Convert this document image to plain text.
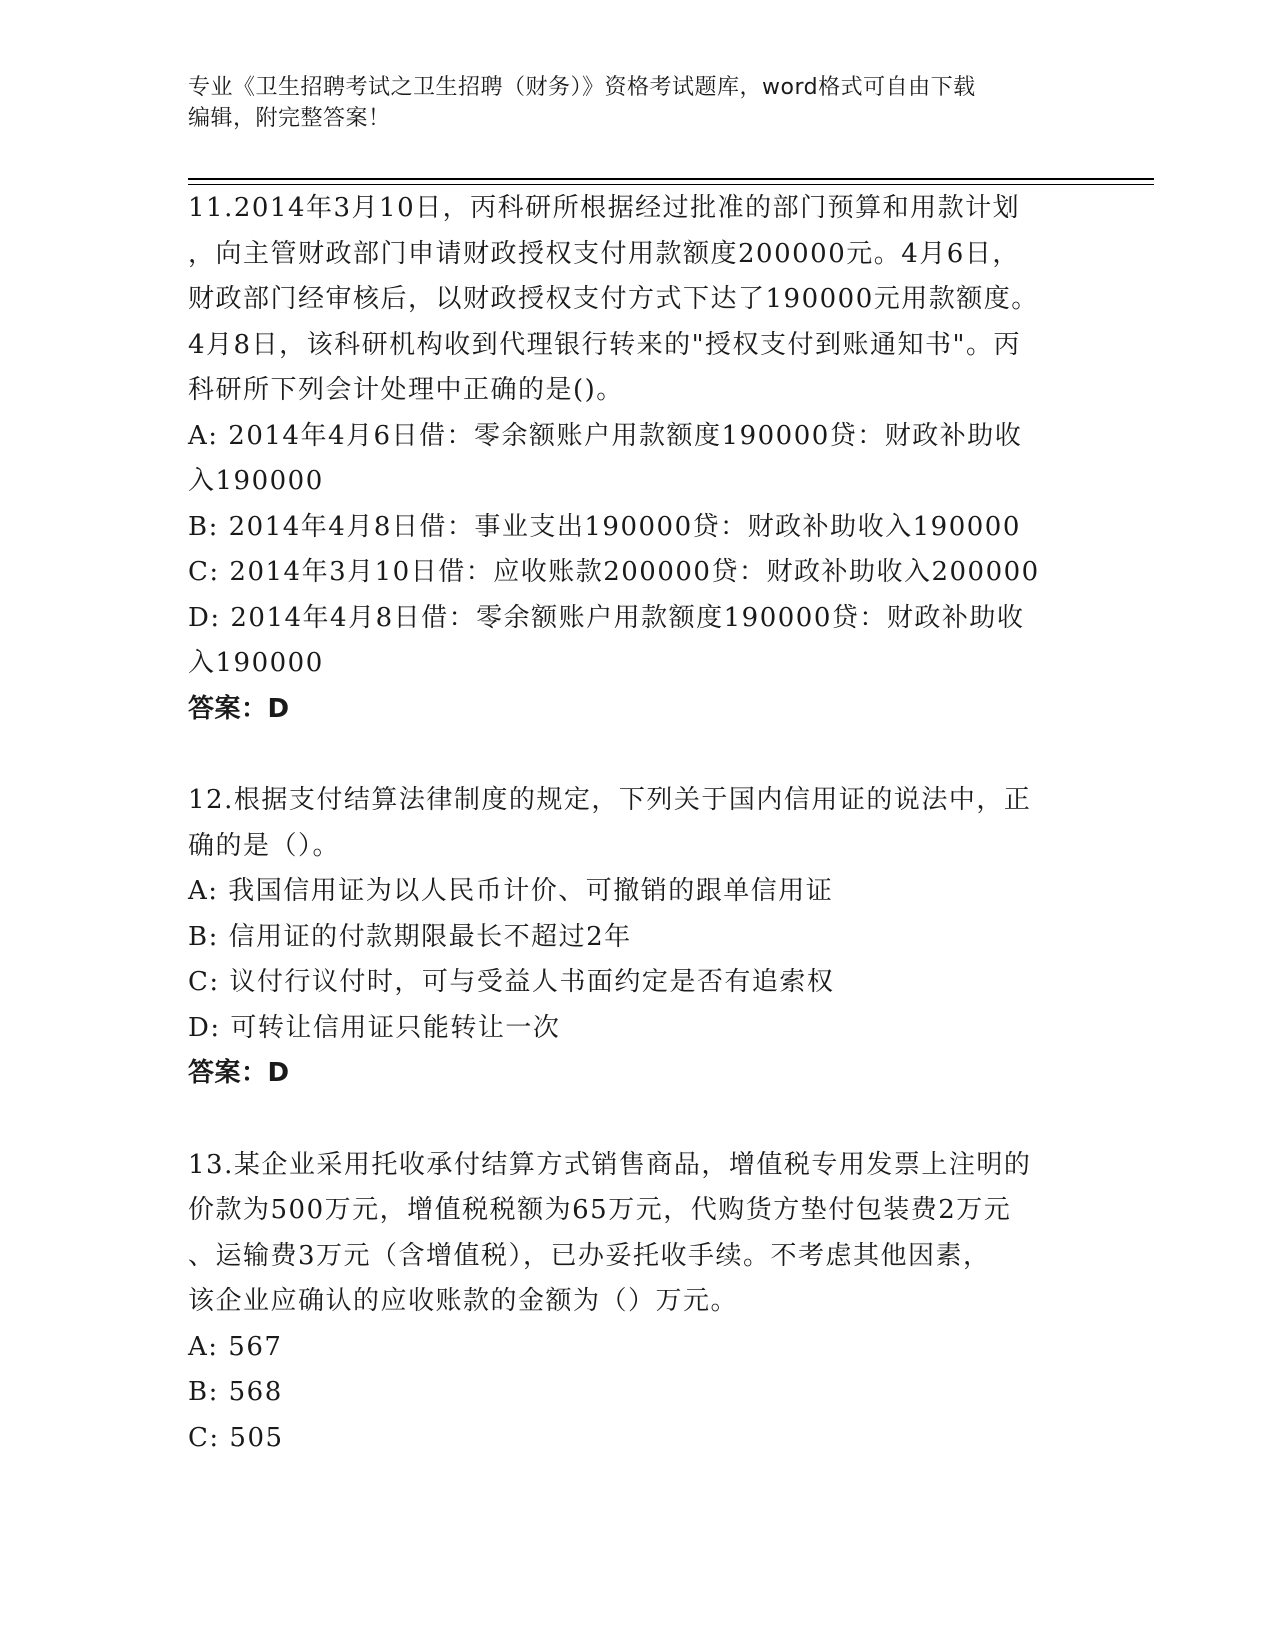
专业《卫生招聘考试之卫生招聘（财务）》资格考试题库，word格式可自由下载
编辑，附完整答案！
11.2014年3月10日，丙科研所根据经过批准的部门预算和用款计划
，向主管财政部门申请财政授权支付用款额度200000元。4月6日，
财政部门经审核后，以财政授权支付方式下达了190000元用款额度。
4月8日，该科研机构收到代理银行转来的"授权支付到账通知书"。丙
科研所下列会计处理中正确的是()。
A: 2014年4月6日借：零余额账户用款额度190000贷：财政补助收
入190000
B: 2014年4月8日借：事业支出190000贷：财政补助收入190000
C: 2014年3月10日借：应收账款200000贷：财政补助收入200000
D: 2014年4月8日借：零余额账户用款额度190000贷：财政补助收
入190000
答案：D
12.根据支付结算法律制度的规定，下列关于国内信用证的说法中，正
确的是（）。
A: 我国信用证为以人民币计价、可撤销的跟单信用证
B: 信用证的付款期限最长不超过2年
C: 议付行议付时，可与受益人书面约定是否有追索权
D: 可转让信用证只能转让一次
答案：D
13.某企业采用托收承付结算方式销售商品，增值税专用发票上注明的
价款为500万元，增值税税额为65万元，代购货方垫付包装费2万元
、运输费3万元（含增值税），已办妥托收手续。不考虑其他因素，
该企业应确认的应收账款的金额为（）万元。
A: 567
B: 568
C: 505
